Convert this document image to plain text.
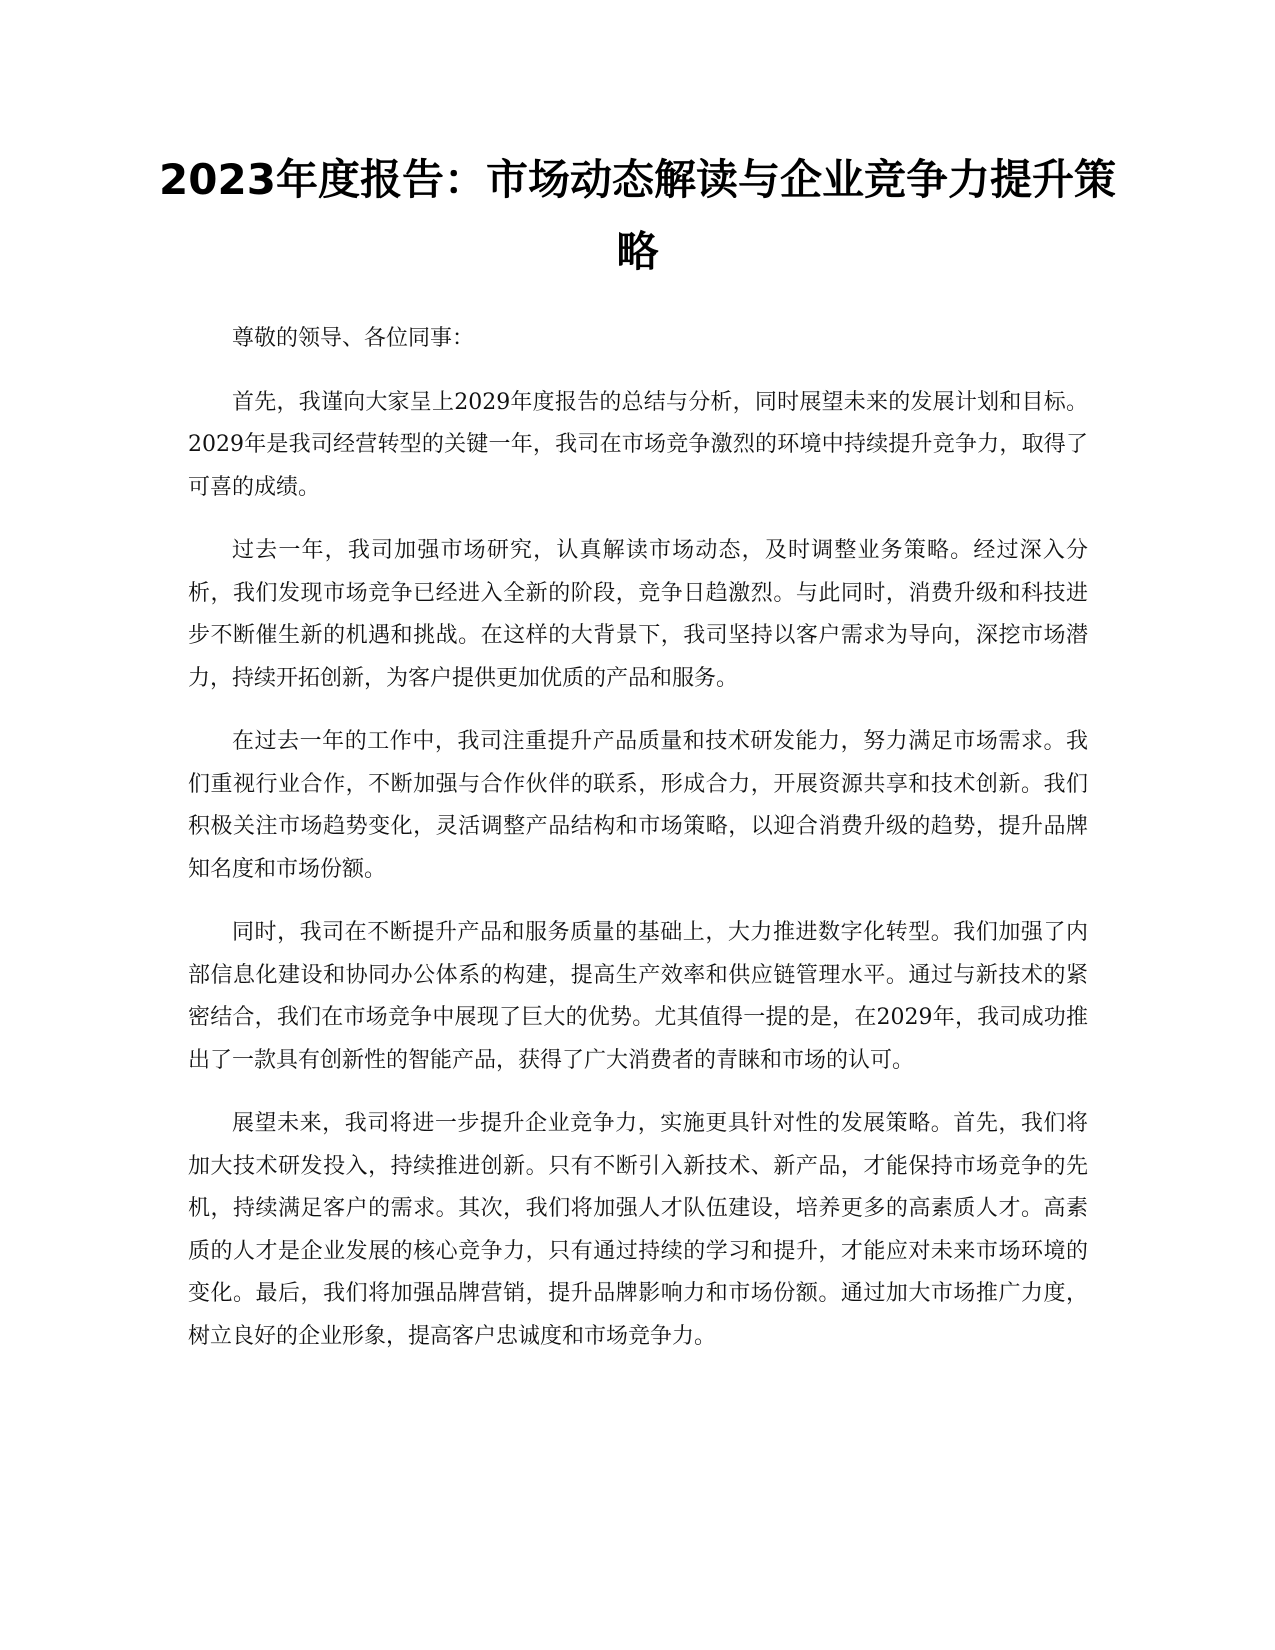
2023年度报告：市场动态解读与企业竞争力提升策略

尊敬的领导、各位同事：

首先，我谨向大家呈上2029年度报告的总结与分析，同时展望未来的发展计划和目标。2029年是我司经营转型的关键一年，我司在市场竞争激烈的环境中持续提升竞争力，取得了可喜的成绩。

过去一年，我司加强市场研究，认真解读市场动态，及时调整业务策略。经过深入分析，我们发现市场竞争已经进入全新的阶段，竞争日趋激烈。与此同时，消费升级和科技进步不断催生新的机遇和挑战。在这样的大背景下，我司坚持以客户需求为导向，深挖市场潜力，持续开拓创新，为客户提供更加优质的产品和服务。

在过去一年的工作中，我司注重提升产品质量和技术研发能力，努力满足市场需求。我们重视行业合作，不断加强与合作伙伴的联系，形成合力，开展资源共享和技术创新。我们积极关注市场趋势变化，灵活调整产品结构和市场策略，以迎合消费升级的趋势，提升品牌知名度和市场份额。

同时，我司在不断提升产品和服务质量的基础上，大力推进数字化转型。我们加强了内部信息化建设和协同办公体系的构建，提高生产效率和供应链管理水平。通过与新技术的紧密结合，我们在市场竞争中展现了巨大的优势。尤其值得一提的是，在2029年，我司成功推出了一款具有创新性的智能产品，获得了广大消费者的青睐和市场的认可。

展望未来，我司将进一步提升企业竞争力，实施更具针对性的发展策略。首先，我们将加大技术研发投入，持续推进创新。只有不断引入新技术、新产品，才能保持市场竞争的先机，持续满足客户的需求。其次，我们将加强人才队伍建设，培养更多的高素质人才。高素质的人才是企业发展的核心竞争力，只有通过持续的学习和提升，才能应对未来市场环境的变化。最后，我们将加强品牌营销，提升品牌影响力和市场份额。通过加大市场推广力度，树立良好的企业形象，提高客户忠诚度和市场竞争力。
